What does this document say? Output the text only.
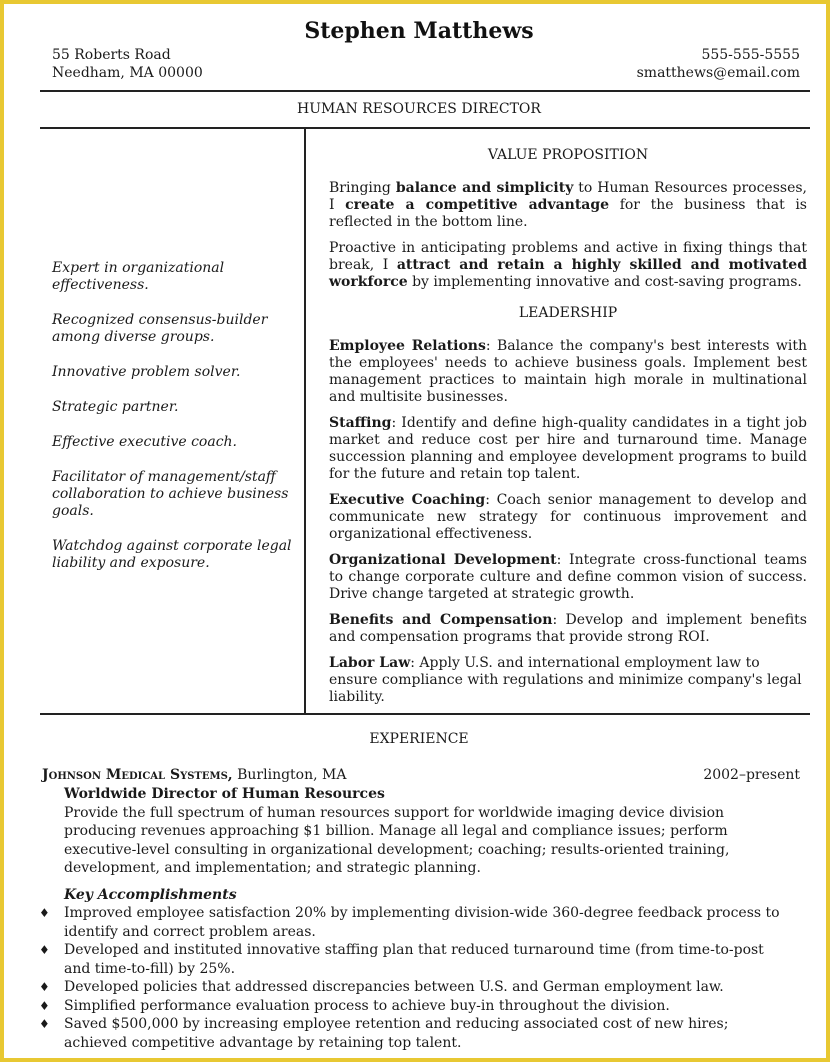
Stephen Matthews
55 Roberts Road
Needham, MA 00000
555-555-5555
smatthews@email.com
HUMAN RESOURCES DIRECTOR
Expert in organizational effectiveness.
Recognized consensus-builder among diverse groups.
Innovative problem solver.
Strategic partner.
Effective executive coach.
Facilitator of management/staff collaboration to achieve business goals.
Watchdog against corporate legal liability and exposure.
VALUE PROPOSITION
Bringing balance and simplicity to Human Resources processes, I create a competitive advantage for the business that is reflected in the bottom line.
Proactive in anticipating problems and active in fixing things that break, I attract and retain a highly skilled and motivated workforce by implementing innovative and cost-saving programs.
LEADERSHIP
Employee Relations: Balance the company's best interests with the employees' needs to achieve business goals. Implement best management practices to maintain high morale in multinational and multisite businesses.
Staffing: Identify and define high-quality candidates in a tight job market and reduce cost per hire and turnaround time. Manage succession planning and employee development programs to build for the future and retain top talent.
Executive Coaching: Coach senior management to develop and communicate new strategy for continuous improvement and organizational effectiveness.
Organizational Development: Integrate cross-functional teams to change corporate culture and define common vision of success. Drive change targeted at strategic growth.
Benefits and Compensation: Develop and implement benefits and compensation programs that provide strong ROI.
Labor Law: Apply U.S. and international employment law to ensure compliance with regulations and minimize company's legal liability.
EXPERIENCE
Johnson Medical Systems, Burlington, MA	2002–present
Worldwide Director of Human Resources
Provide the full spectrum of human resources support for worldwide imaging device division producing revenues approaching $1 billion. Manage all legal and compliance issues; perform executive-level consulting in organizational development; coaching; results-oriented training, development, and implementation; and strategic planning.
Key Accomplishments
♦ Improved employee satisfaction 20% by implementing division-wide 360-degree feedback process to identify and correct problem areas.
♦ Developed and instituted innovative staffing plan that reduced turnaround time (from time-to-post and time-to-fill) by 25%.
♦ Developed policies that addressed discrepancies between U.S. and German employment law.
♦ Simplified performance evaluation process to achieve buy-in throughout the division.
♦ Saved $500,000 by increasing employee retention and reducing associated cost of new hires; achieved competitive advantage by retaining top talent.
